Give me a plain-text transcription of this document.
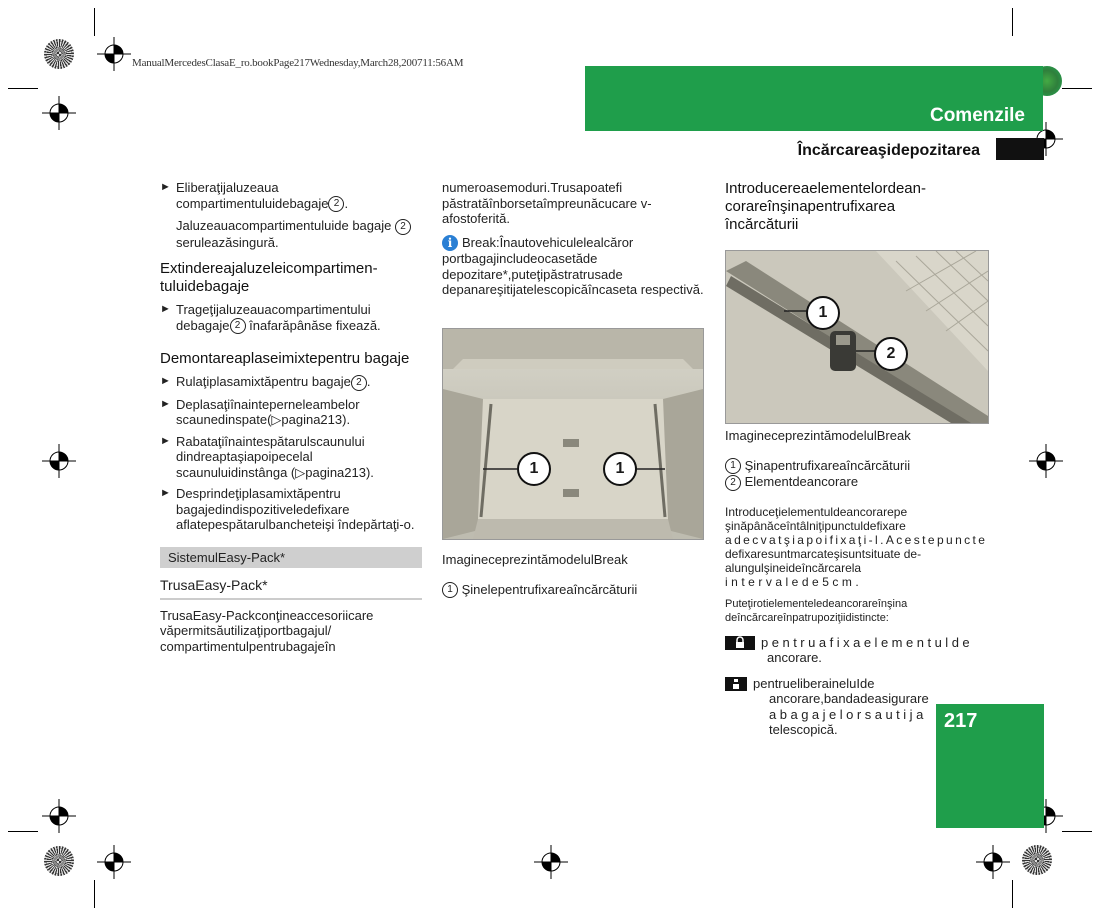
ManualMercedesClasaE_ro.bookPage217Wednesday,March28,200711:56AM
Comenzile
Încărcareaşidepozitarea
► Eliberaţijaluzeaua compartimentuluidebagaje 2 .
Jaluzeauacompartimentuluide bagaje 2 seruleazăsingură.
Extindereajaluzeleicompartimen-tuluidebagaje
► Trageţijaluzeauacompartimentului debagaje 2 înafarăpânăse fixează.
Demontareaplaseimixtepentru bagaje
► Rulaţiplasamixtăpentru bagaje 2 .
► Deplasaţiînainteperneleambelor scaunedinspate(▷pagina213).
► Rabataţiînaintespătarulscaunului dindreaptaşiapoipecelal scaunuluidinstânga (▷pagina213).
► Desprindeţiplasamixtăpentru bagajedindispozitiveledefixare aflatepespătarulbancheteişi îndepărtaţi-o.
SistemulEasy-Pack*
TrusaEasy-Pack*

TrusaEasy-Packconţineaccesoriicare văpermitsăutilizaţiportbagajul/ compartimentulpentrubagajeîn

numeroasemoduri.Trusapoatefi păstratăînborsetaîmpreunăcucare v-afostoferită.

i Break:Înautovehiculelealcăror portbagajincludeocasetăde depozitare*,puteţipăstratrusade depanareşitijatelescopicăîncaseta respectivă.

1	1
ImagineceprezintămodelulBreak
1 Şinelepentrufixareaîncărcăturii
Introducereaelementelordean-corareînşinapentrufixarea încărcăturii
1
2
ImagineceprezintămodelulBreak
1 Şinapentrufixareaîncărcăturii
2 Elementdeancorare
Introduceţielementuldeancorarepe şinăpânăceîntâlniţipunctuldefixare
adecvatşiapoifixaţi-l.Acestepuncte
defixaresuntmarcateşisuntsituate de-alungulşineideîncărcarela
intervalede5cm.
Puteţirotielementeledeancorareînşina deîncărcareînpatrupoziţiidistincte:
pentruafixaelementulde
ancorare.
pentrueliberaineluIde
ancorare,bandadeasigurare
abagajelorsautija
telescopică.	217
